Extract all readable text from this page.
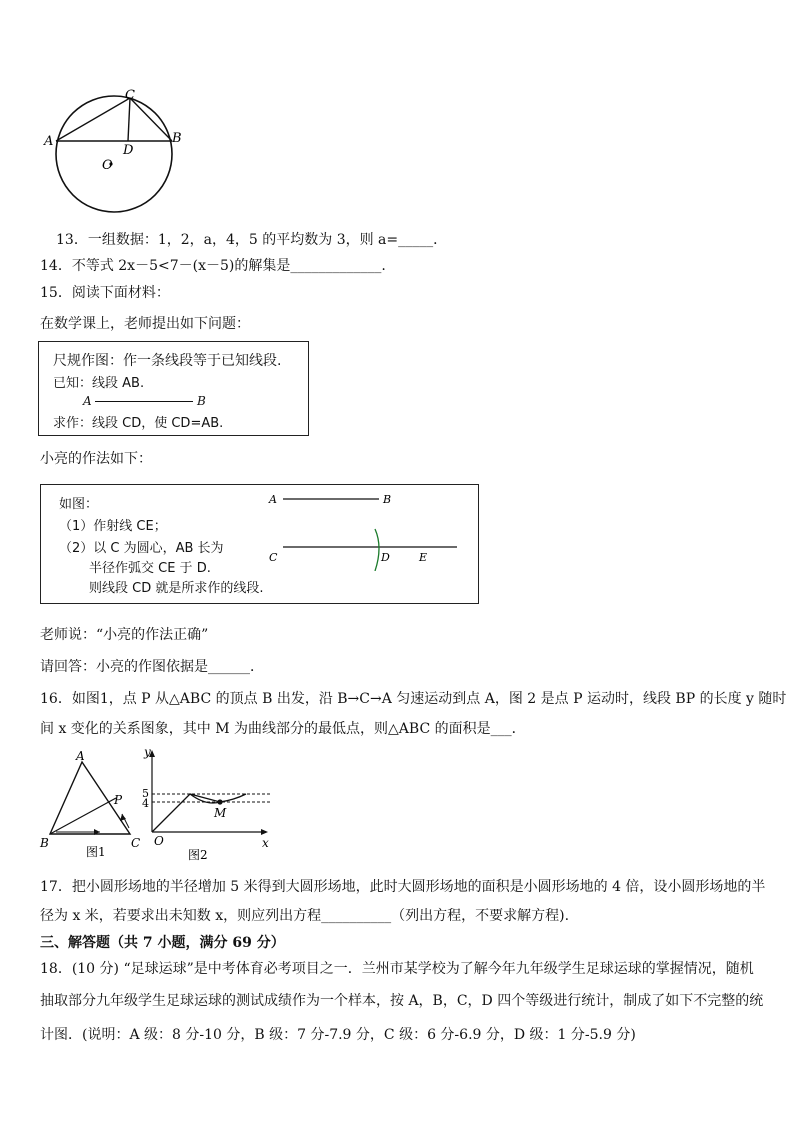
C
A	B
D
O
13．一组数据：1，2，a，4，5 的平均数为 3，则 a=_____．
14．不等式 2x－5<7－(x－5)的解集是_____________.
15．阅读下面材料：
在数学课上，老师提出如下问题：
尺规作图：作一条线段等于已知线段.
已知：线段 AB.
A	B
求作：线段 CD，使 CD=AB.
小亮的作法如下：
如图：
（1）作射线 CE；
（2）以 C 为圆心，AB 长为
半径作弧交 CE 于 D.
则线段 CD 就是所求作的线段.
A	B
C	D	E
老师说：“小亮的作法正确”
请回答：小亮的作图依据是______．
16．如图1，点 P 从△ABC 的顶点 B 出发，沿 B→C→A 匀速运动到点 A，图 2 是点 P 运动时，线段 BP 的长度 y 随时
间 x 变化的关系图象，其中 M 为曲线部分的最低点，则△ABC 的面积是___．
A
B	C
P
图1
y
5
4
O
M
x
图2
17．把小圆形场地的半径增加 5 米得到大圆形场地，此时大圆形场地的面积是小圆形场地的 4 倍，设小圆形场地的半
径为 x 米，若要求出未知数 x，则应列出方程__________（列出方程，不要求解方程).
三、解答题（共 7 小题，满分 69 分）
18．(10 分) “足球运球”是中考体育必考项目之一．兰州市某学校为了解今年九年级学生足球运球的掌握情况，随机
抽取部分九年级学生足球运球的测试成绩作为一个样本，按 A，B，C，D 四个等级进行统计，制成了如下不完整的统
计图．(说明：A 级：8 分-10 分，B 级：7 分-7.9 分，C 级：6 分-6.9 分，D 级：1 分-5.9 分)
